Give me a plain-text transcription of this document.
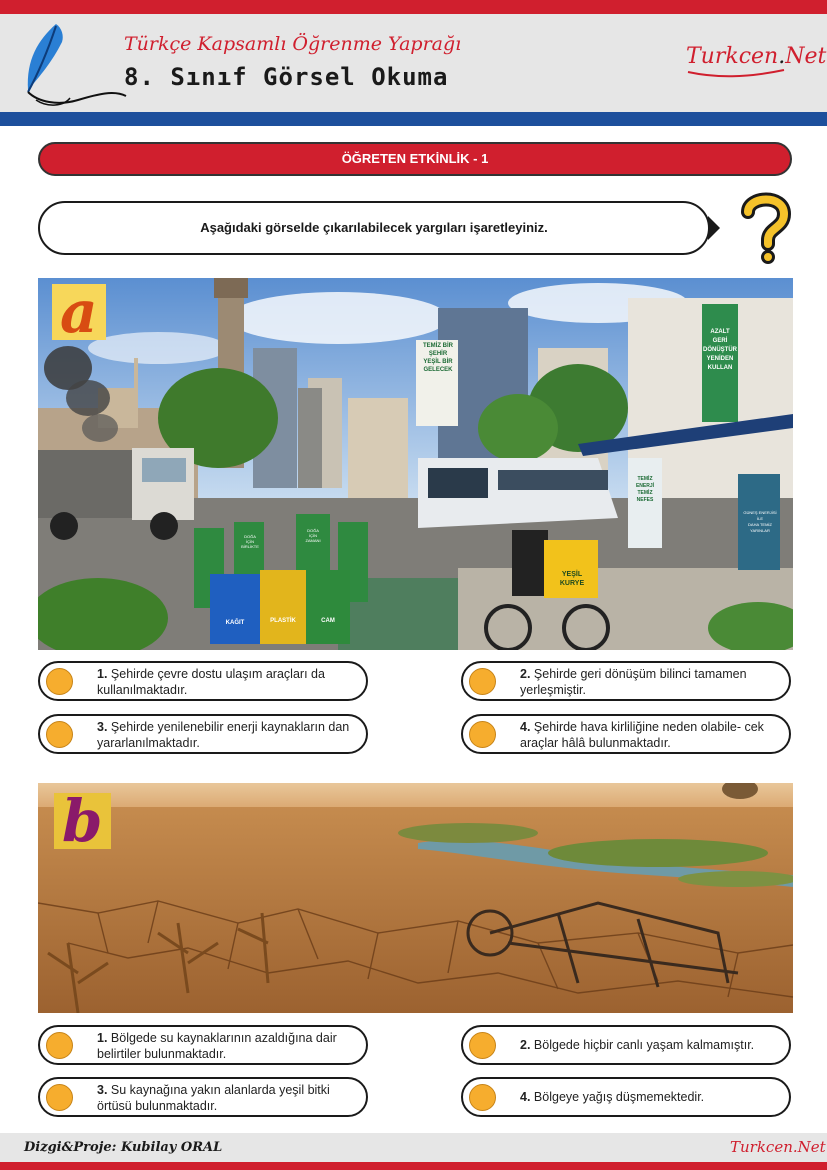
Türkçe Kapsamlı Öğrenme Yaprağı
8. Sınıf Görsel Okuma
Turkcen.Net
ÖĞRETEN ETKİNLİK - 1
Aşağıdaki görselde çıkarılabilecek yargıları işaretleyiniz.
a	TEMİZ BİR
ŞEHİR
YEŞİL BİR
GELECEK
AZALT
GERİ
DÖNÜŞTÜR
YENİDEN
KULLAN
DOĞA
İÇİN
BİRLİKTE
DOĞA
İÇİN
ZAMANI
KAĞIT	PLASTİK	CAM
YEŞİL
KURYE
TEMİZ
ENERJİ
TEMİZ
NEFES
GÜNEŞ ENERJİSİ
İLE
DAHA TEMİZ
YARINLAR
1. Şehirde çevre dostu ulaşım araçları da kullanılmaktadır.
2. Şehirde geri dönüşüm bilinci tamamen yerleşmiştir.
3. Şehirde yenilenebilir enerji kaynakların dan yararlanılmaktadır.
4. Şehirde hava kirliliğine neden olabile- cek araçlar hâlâ bulunmaktadır.
b
1. Bölgede su kaynaklarının azaldığına dair belirtiler bulunmaktadır.
2. Bölgede hiçbir canlı yaşam kalmamıştır.
3. Su kaynağına yakın alanlarda yeşil bitki örtüsü bulunmaktadır.
4. Bölgeye yağış düşmemektedir.
Dizgi&Proje: Kubilay ORAL	Turkcen.Net
